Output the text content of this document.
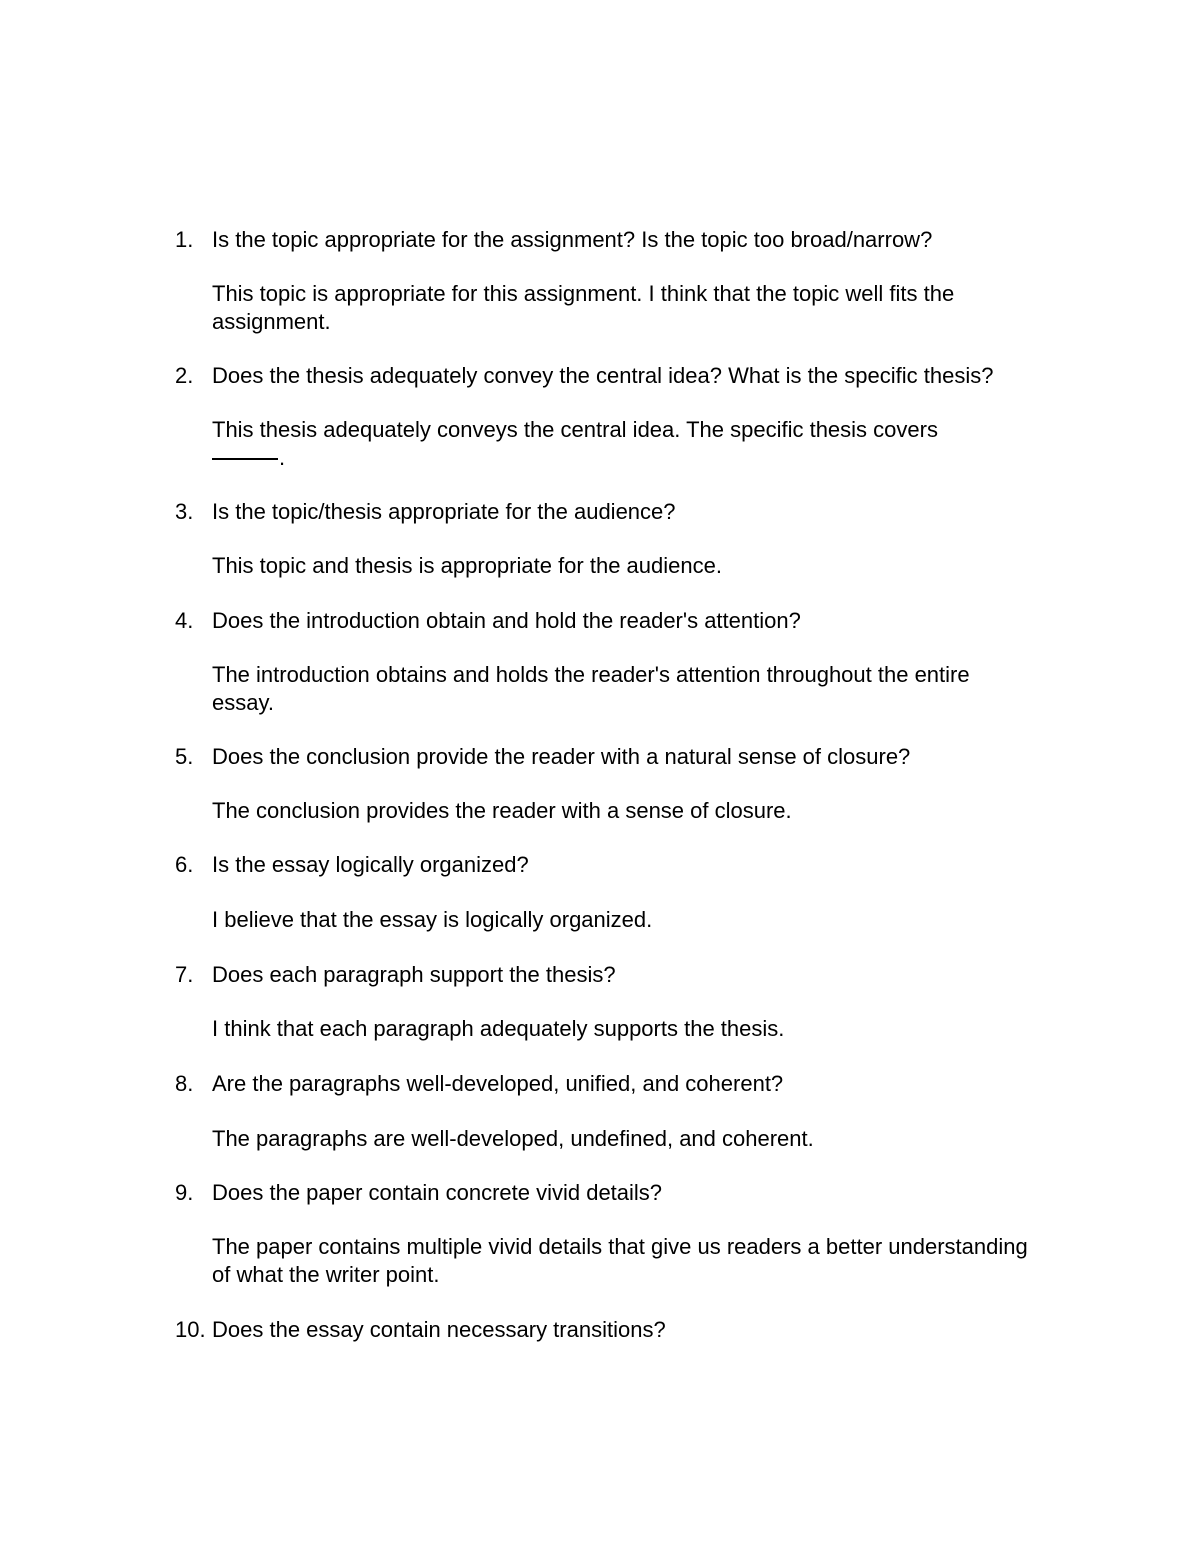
1. Is the topic appropriate for the assignment? Is the topic too broad/narrow?

This topic is appropriate for this assignment. I think that the topic well fits the assignment.

2. Does the thesis adequately convey the central idea? What is the specific thesis?

This thesis adequately conveys the central idea. The specific thesis covers
.

3. Is the topic/thesis appropriate for the audience?

This topic and thesis is appropriate for the audience.

4. Does the introduction obtain and hold the reader's attention?

The introduction obtains and holds the reader's attention throughout the entire essay.

5. Does the conclusion provide the reader with a natural sense of closure?

The conclusion provides the reader with a sense of closure.

6. Is the essay logically organized?

I believe that the essay is logically organized.

7. Does each paragraph support the thesis?

I think that each paragraph adequately supports the thesis.

8. Are the paragraphs well-developed, unified, and coherent?

The paragraphs are well-developed, undefined, and coherent.

9. Does the paper contain concrete vivid details?

The paper contains multiple vivid details that give us readers a better understanding of what the writer point.

10. Does the essay contain necessary transitions?
